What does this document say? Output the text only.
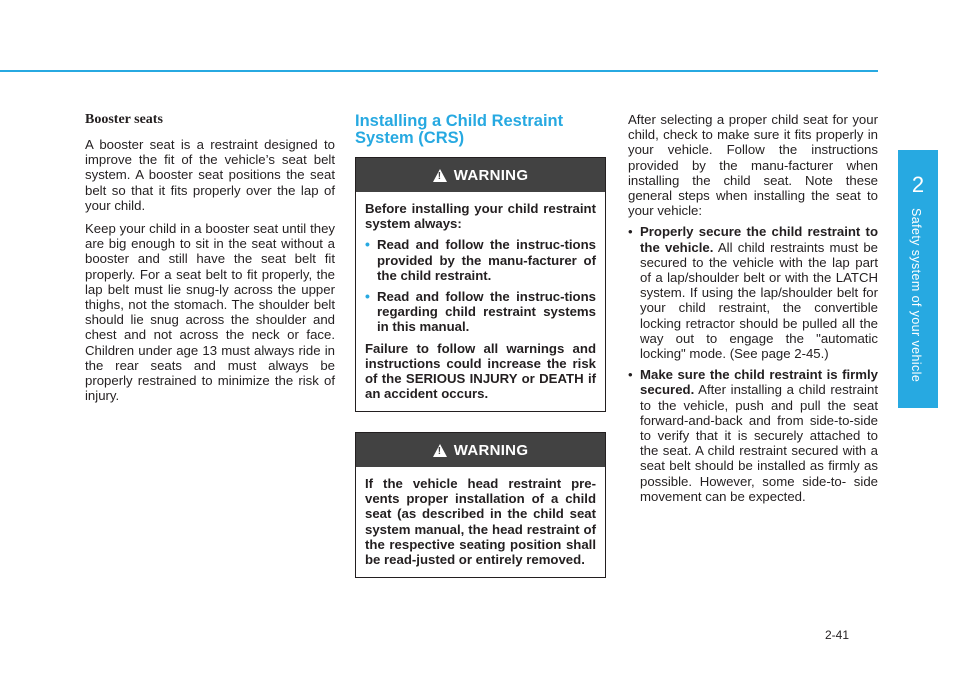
2
Safety system of your vehicle
Booster seats

A booster seat is a restraint designed to improve the fit of the vehicle’s seat belt system. A booster seat positions the seat belt so that it fits properly over the lap of your child.

Keep your child in a booster seat until they are big enough to sit in the seat without a booster and still have the seat belt fit properly. For a seat belt to fit properly, the lap belt must lie snug-ly across the upper thighs, not the stomach. The shoulder belt should lie snug across the shoulder and chest and not across the neck or face. Children under age 13 must always ride in the rear seats and must always be properly restrained to minimize the risk of injury.

Installing a Child Restraint System (CRS)
! WARNING

Before installing your child restraint system always:

• Read and follow the instruc-tions provided by the manu-facturer of the child restraint.
• Read and follow the instruc-tions regarding child restraint systems in this manual.

Failure to follow all warnings and instructions could increase the risk of the SERIOUS INJURY or DEATH if an accident occurs.

! WARNING

If the vehicle head restraint pre-vents proper installation of a child seat (as described in the child seat system manual, the head restraint of the respective seating position shall be read-justed or entirely removed.

After selecting a proper child seat for your child, check to make sure it fits properly in your vehicle. Follow the instructions provided by the manu-facturer when installing the child seat. Note these general steps when installing the seat to your vehicle:

• Properly secure the child restraint to the vehicle. All child restraints must be secured to the vehicle with the lap part of a lap/shoulder belt or with the LATCH system. If using the lap/shoulder belt for your child restraint, the convertible locking retractor should be pulled all the way out to engage the "automatic locking" mode. (See page 2-45.)
• Make sure the child restraint is firmly secured. After installing a child restraint to the vehicle, push and pull the seat forward-and-back and from side-to-side to verify that it is securely attached to the seat. A child restraint secured with a seat belt should be installed as firmly as possible. However, some side-to- side movement can be expected.
2-41
